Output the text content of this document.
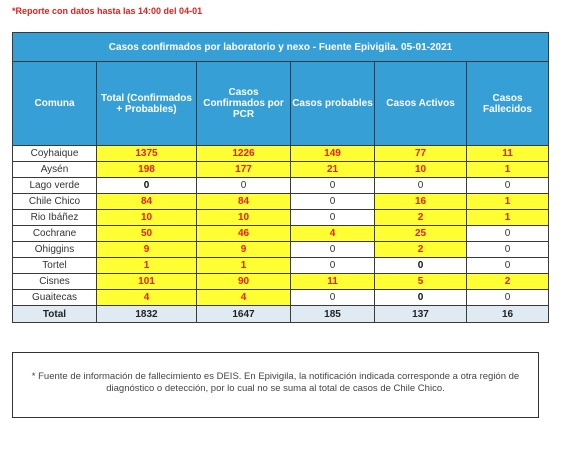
*Reporte con datos hasta las 14:00 del 04-01
Casos confirmados por laboratorio y nexo - Fuente Epivigila. 05-01-2021					
Comuna	Total (Confirmados + Probables)	Casos Confirmados por PCR	Casos probables	Casos Activos	Casos Fallecidos
Coyhaique	1375	1226	149	77	11
Aysén	198	177	21	10	1
Lago verde	0	0	0	0	0
Chile Chico	84	84	0	16	1
Rio Ibáñez	10	10	0	2	1
Cochrane	50	46	4	25	0
Ohiggins	9	9	0	2	0
Tortel	1	1	0	0	0
Cisnes	101	90	11	5	2
Guaitecas	4	4	0	0	0
Total	1832	1647	185	137	16
* Fuente de información de fallecimiento es DEIS. En Epivigila, la notificación indicada corresponde a otra región de diagnóstico o detección, por lo cual no se suma al total de casos de Chile Chico.
